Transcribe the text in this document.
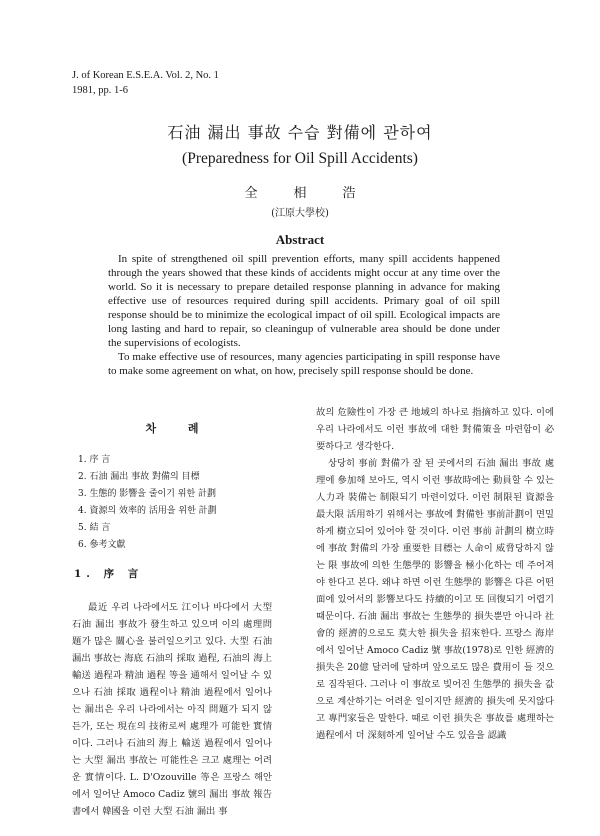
J. of Korean E.S.E.A. Vol. 2, No. 1
1981, pp. 1-6
石油 漏出 事故 수습 對備에 관하여
(Preparedness for Oil Spill Accidents)
全	相	浩
(江原大學校)
Abstract

In spite of strengthened oil spill prevention efforts, many spill accidents happened through the years showed that these kinds of accidents might occur at any time over the world. So it is necessary to prepare detailed response planning in advance for making effective use of resources required during spill accidents. Primary goal of oil spill response should be to minimize the ecological impact of oil spill. Ecological impacts are long lasting and hard to repair, so cleaningup of vulnerable area should be done under the supervisions of ecologists.

To make effective use of resources, many agencies participating in spill response have to make some agreement on what, on how, precisely spill response should be done.

차 례
1. 序 言
2. 石油 漏出 事故 對備의 目標
3. 生態的 影響을 줄이기 위한 計劃
4. 資源의 效率的 活用을 위한 計劃
5. 結 言
6. 參考文獻
1. 序 言

最近 우리 나라에서도 江이나 바다에서 大型 石油 漏出 事故가 發生하고 있으며 이의 處理問題가 많은 關心을 불러일으키고 있다. 大型 石油 漏出 事故는 海底 石油의 採取 過程, 石油의 海上 輸送 過程과 精油 過程 等을 通해서 일어날 수 있으나 石油 採取 過程이나 精油 過程에서 일어나는 漏出은 우리 나라에서는 아직 問題가 되지 않든가, 또는 現在의 技術로써 處理가 可能한 實情이다. 그러나 石油의 海上 輸送 過程에서 일어나는 大型 漏出 事故는 可能性은 크고 處理는 어려운 實情이다. L. D'Ozouville 等은 프랑스 해안에서 일어난 Amoco Cadiz 號의 漏出 事故 報告書에서 韓國을 이런 大型 石油 漏出 事

故의 危險性이 가장 큰 地域의 하나로 指摘하고 있다. 이에 우리 나라에서도 이런 事故에 대한 對備策을 마련함이 必要하다고 생각한다.

상당히 事前 對備가 잘 된 곳에서의 石油 漏出 事故 處理에 參加해 보아도, 역시 이런 事故時에는 動員할 수 있는 人力과 裝備는 制限되기 마련이었다. 이런 制限된 資源을 最大限 活用하기 위해서는 事故에 對備한 事前計劃이 면밀하게 樹立되어 있어야 할 것이다. 이런 事前 計劃의 樹立時에 事故 對備의 가장 重要한 目標는 人命이 威脅당하지 않는 限 事故에 의한 生態學的 影響을 極小化하는 데 주어져야 한다고 본다. 왜냐 하면 이런 生態學的 影響은 다른 어떤 面에 있어서의 影響보다도 持續的이고 또 回復되기 어렵기 때문이다. 石油 漏出 事故는 生態學的 損失뿐만 아니라 社會的 經濟的으로도 莫大한 損失을 招來한다. 프랑스 海岸에서 일어난 Amoco Cadiz 號 事故(1978)로 인한 經濟的 損失은 20億 달러에 달하며 앞으로도 많은 費用이 들 것으로 짐작된다. 그러나 이 事故로 빚어진 生態學的 損失을 값으로 계산하기는 어려운 일이지만 經濟的 損失에 못지않다고 專門家들은 말한다. 때로 이런 損失은 事故를 處理하는 過程에서 더 深刻하게 일어날 수도 있음을 認識
